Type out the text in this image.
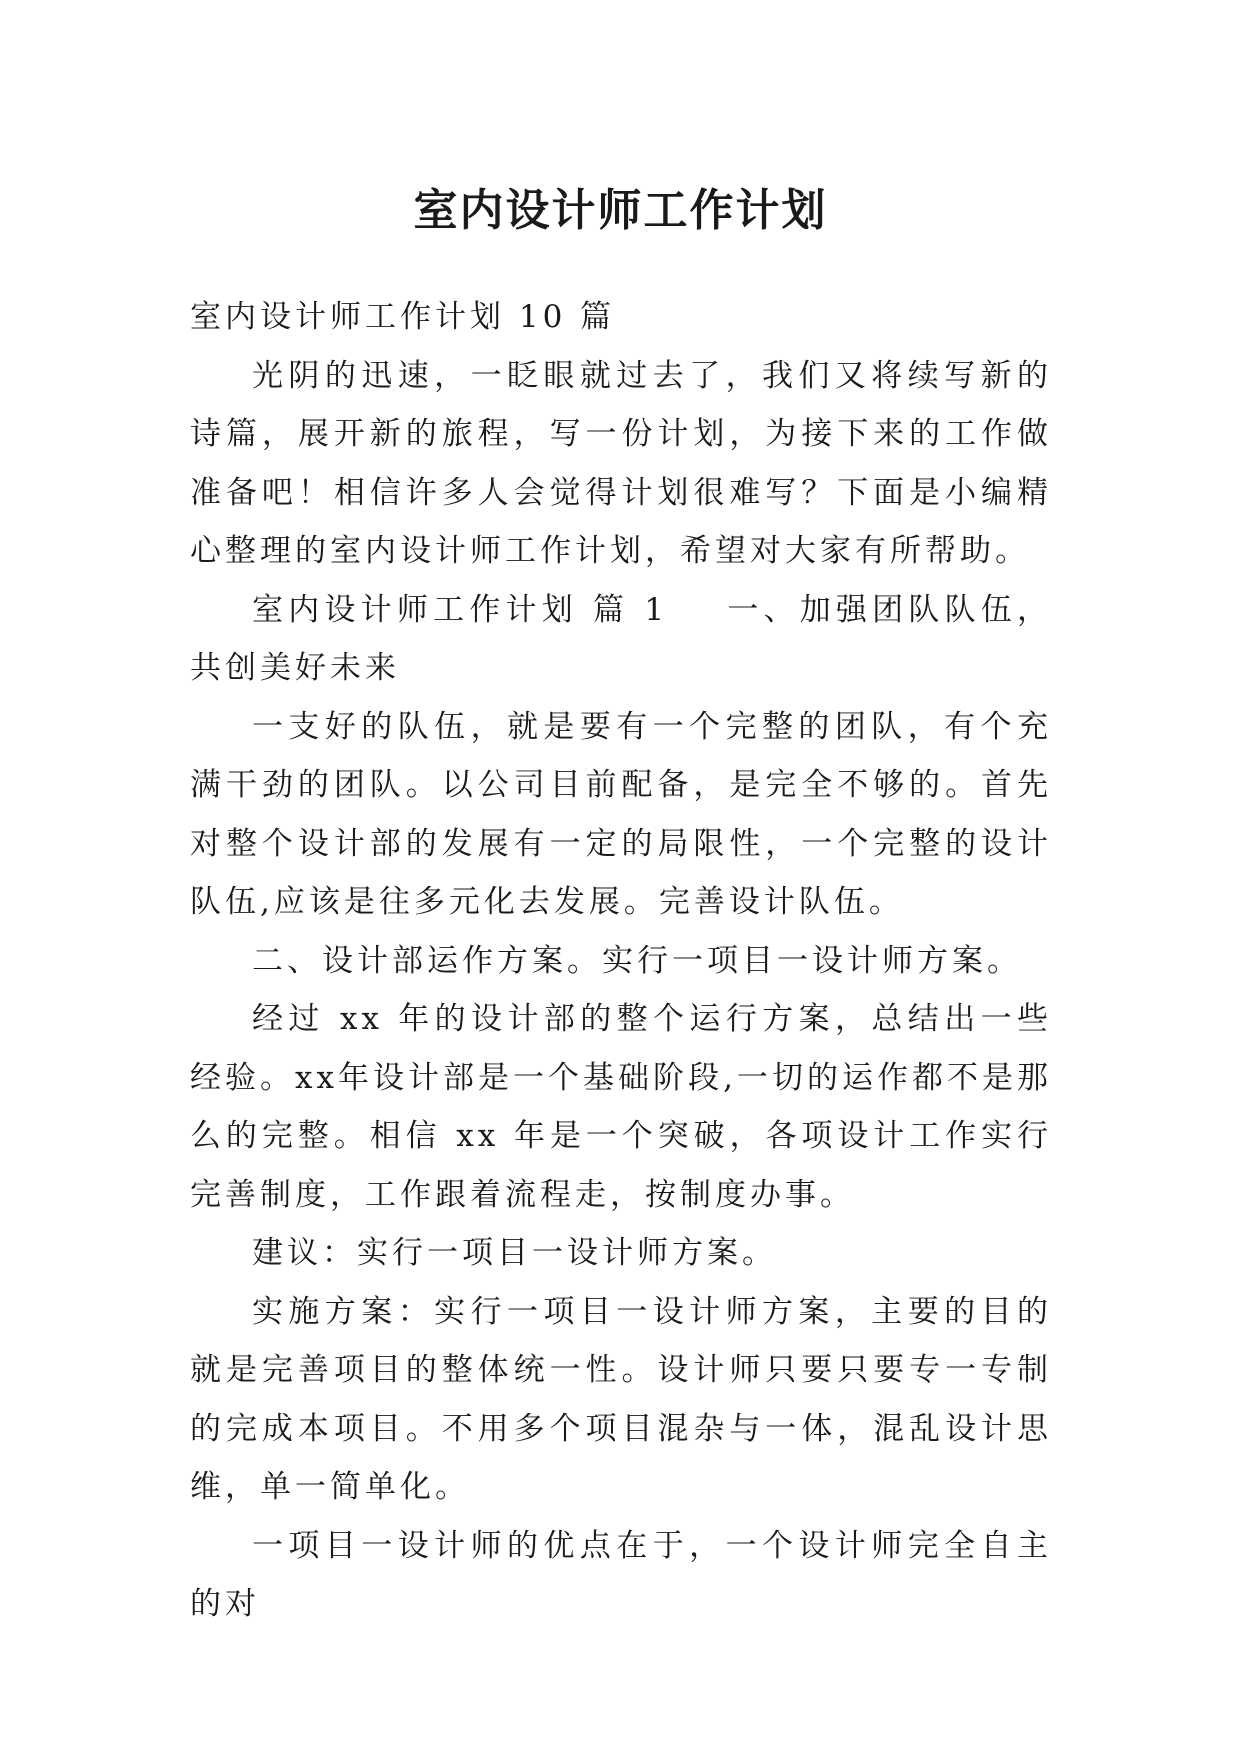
室内设计师工作计划

室内设计师工作计划 10 篇

光阴的迅速，一眨眼就过去了，我们又将续写新的诗篇，展开新的旅程，写一份计划，为接下来的工作做准备吧！相信许多人会觉得计划很难写？下面是小编精心整理的室内设计师工作计划，希望对大家有所帮助。

室内设计师工作计划 篇 1 一、加强团队队伍，共创美好未来

一支好的队伍，就是要有一个完整的团队，有个充满干劲的团队。以公司目前配备，是完全不够的。首先对整个设计部的发展有一定的局限性，一个完整的设计队伍,应该是往多元化去发展。完善设计队伍。

二、设计部运作方案。实行一项目一设计师方案。

经过 xx 年的设计部的整个运行方案，总结出一些经验。xx年设计部是一个基础阶段,一切的运作都不是那么的完整。相信 xx 年是一个突破，各项设计工作实行完善制度，工作跟着流程走，按制度办事。

建议：实行一项目一设计师方案。

实施方案：实行一项目一设计师方案，主要的目的就是完善项目的整体统一性。设计师只要只要专一专制的完成本项目。不用多个项目混杂与一体，混乱设计思维，单一简单化。

一项目一设计师的优点在于，一个设计师完全自主的对
